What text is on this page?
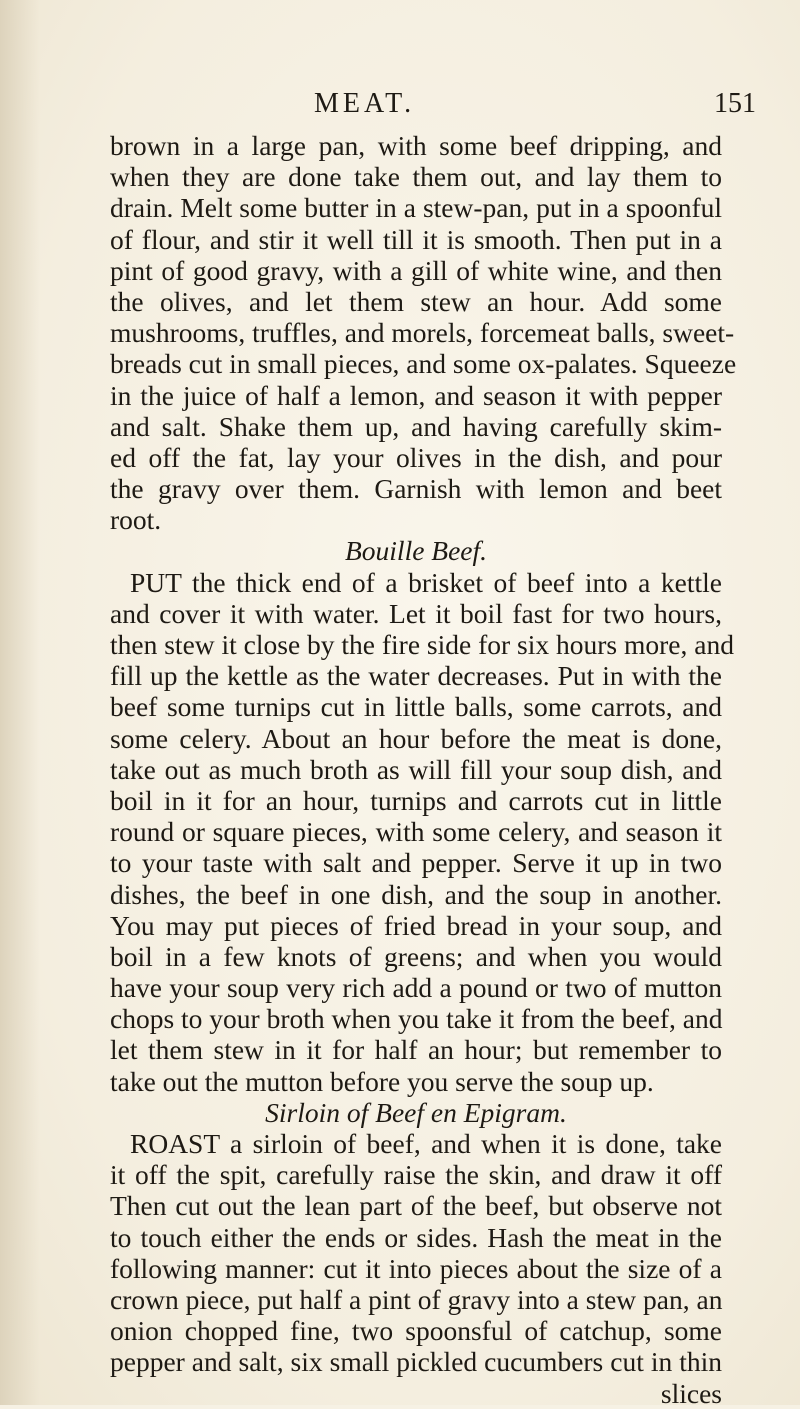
MEAT.	151
brown in a large pan, with some beef dripping, and
when they are done take them out, and lay them to
drain. Melt some butter in a stew-pan, put in a spoonful
of flour, and stir it well till it is smooth. Then put in a
pint of good gravy, with a gill of white wine, and then
the olives, and let them stew an hour. Add some
mushrooms, truffles, and morels, forcemeat balls, sweet-
breads cut in small pieces, and some ox-palates. Squeeze
in the juice of half a lemon, and season it with pepper
and salt. Shake them up, and having carefully skim-
ed off the fat, lay your olives in the dish, and pour
the gravy over them. Garnish with lemon and beet
root.
Bouille Beef.
PUT the thick end of a brisket of beef into a kettle
and cover it with water. Let it boil fast for two hours,
then stew it close by the fire side for six hours more, and
fill up the kettle as the water decreases. Put in with the
beef some turnips cut in little balls, some carrots, and
some celery. About an hour before the meat is done,
take out as much broth as will fill your soup dish, and
boil in it for an hour, turnips and carrots cut in little
round or square pieces, with some celery, and season it
to your taste with salt and pepper. Serve it up in two
dishes, the beef in one dish, and the soup in another.
You may put pieces of fried bread in your soup, and
boil in a few knots of greens; and when you would
have your soup very rich add a pound or two of mutton
chops to your broth when you take it from the beef, and
let them stew in it for half an hour; but remember to
take out the mutton before you serve the soup up.
Sirloin of Beef en Epigram.
ROAST a sirloin of beef, and when it is done, take
it off the spit, carefully raise the skin, and draw it off
Then cut out the lean part of the beef, but observe not
to touch either the ends or sides. Hash the meat in the
following manner: cut it into pieces about the size of a
crown piece, put half a pint of gravy into a stew pan, an
onion chopped fine, two spoonsful of catchup, some
pepper and salt, six small pickled cucumbers cut in thin
slices
